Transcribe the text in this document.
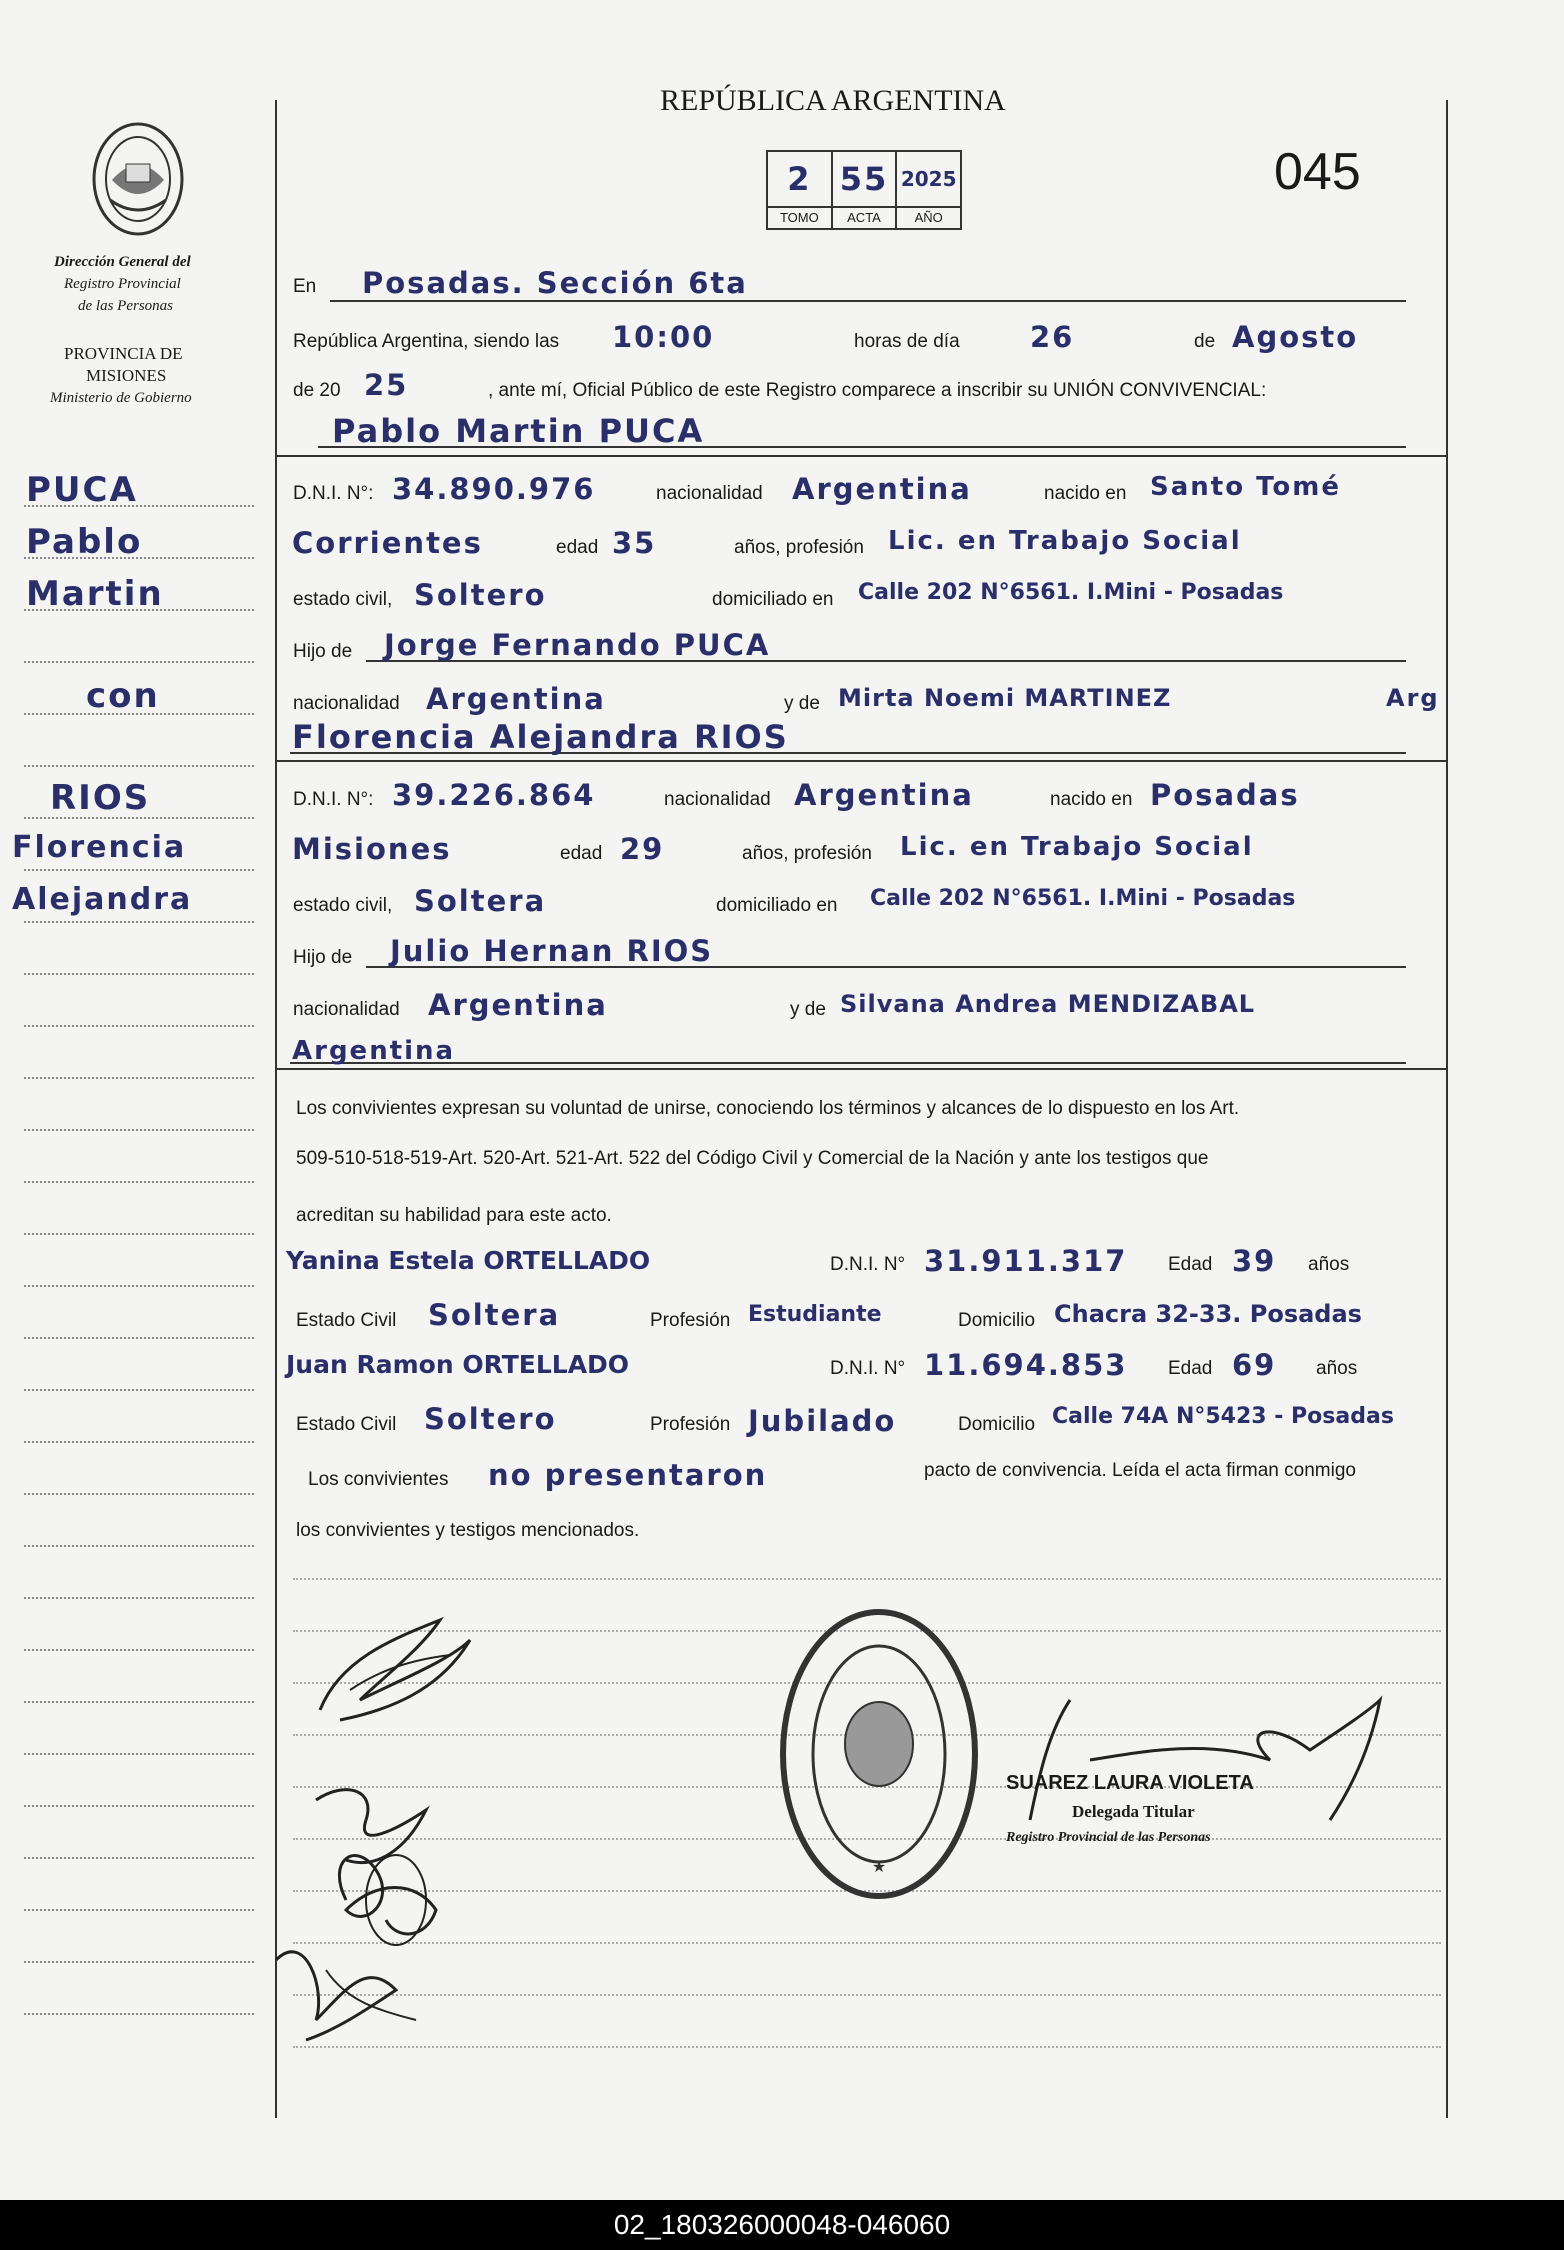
REPÚBLICA ARGENTINA
2 55 2025
TOMO	ACTA	AÑO
045
Dirección General del
Registro Provincial
de las Personas
PROVINCIA DE
MISIONES
Ministerio de Gobierno
PUCA
Pablo
Martin
con
RIOS
Florencia
Alejandra
En Posadas. Sección 6ta
República Argentina, siendo las 10:00	horas de día 26	de Agosto
de 20 25	, ante mí, Oficial Público de este Registro comparece a inscribir su UNIÓN CONVIVENCIAL:
Pablo Martin PUCA
D.N.I. N°: 34.890.976	nacionalidad Argentina	nacido en Santo Tomé
Corrientes	edad 35	años, profesión Lic. en Trabajo Social
estado civil, Soltero	domiciliado en Calle 202 N°6561. I.Mini - Posadas
Hijo de Jorge Fernando PUCA
nacionalidad Argentina	y de Mirta Noemi MARTINEZ	Arg
Florencia Alejandra RIOS
D.N.I. N°: 39.226.864	nacionalidad Argentina	nacido en Posadas
Misiones	edad 29	años, profesión Lic. en Trabajo Social
estado civil, Soltera	domiciliado en Calle 202 N°6561. I.Mini - Posadas
Hijo de Julio Hernan RIOS
nacionalidad Argentina	y de Silvana Andrea MENDIZABAL
Argentina
Los convivientes expresan su voluntad de unirse, conociendo los términos y alcances de lo dispuesto en los Art.
509-510-518-519-Art. 520-Art. 521-Art. 522 del Código Civil y Comercial de la Nación y ante los testigos que
acreditan su habilidad para este acto.
Yanina Estela ORTELLADO	D.N.I. N° 31.911.317 Edad 39 años
Estado Civil Soltera	Profesión Estudiante	Domicilio Chacra 32-33. Posadas
Juan Ramon ORTELLADO	D.N.I. N° 11.694.853 Edad 69 años
Estado Civil Soltero	Profesión Jubilado	Domicilio Calle 74A N°5423 - Posadas
Los convivientes no presentaron	pacto de convivencia. Leída el acta firman conmigo
los convivientes y testigos mencionados.
★
SUAREZ LAURA VIOLETA
Delegada Titular
Registro Provincial de las Personas
02_180326000048-046060
